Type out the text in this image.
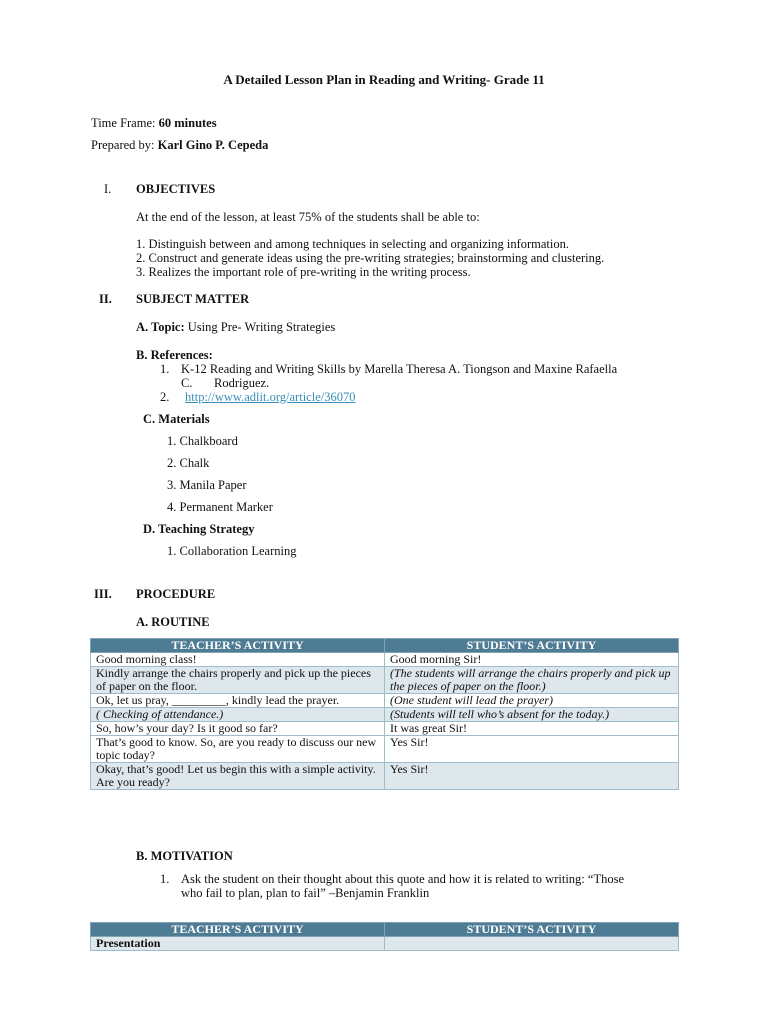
A Detailed Lesson Plan in Reading and Writing- Grade 11
Time Frame: 60 minutes
Prepared by: Karl Gino P. Cepeda
I. OBJECTIVES
At the end of the lesson, at least 75% of the students shall be able to:
1. Distinguish between and among techniques in selecting and organizing information.
2. Construct and generate ideas using the pre-writing strategies; brainstorming and clustering.
3. Realizes the important role of pre-writing in the writing process.
II. SUBJECT MATTER
A. Topic: Using Pre- Writing Strategies
B. References:
1. K-12 Reading and Writing Skills by Marella Theresa A. Tiongson and Maxine Rafaella
C. Rodriguez.
2. http://www.adlit.org/article/36070
C. Materials
1. Chalkboard
2. Chalk
3. Manila Paper
4. Permanent Marker
D. Teaching Strategy
1. Collaboration Learning
III. PROCEDURE
A. ROUTINE
TEACHER’S ACTIVITY	STUDENT’S ACTIVITY
Good morning class!	Good morning Sir!
Kindly arrange the chairs properly and pick up the pieces of paper on the floor.	(The students will arrange the chairs properly and pick up the pieces of paper on the floor.)
Ok, let us pray, _________, kindly lead the prayer.	(One student will lead the prayer)
( Checking of attendance.)	(Students will tell who’s absent for the today.)
So, how’s your day? Is it good so far?	It was great Sir!
That’s good to know. So, are you ready to discuss our new topic today?	Yes Sir!
Okay, that’s good! Let us begin this with a simple activity. Are you ready?	Yes Sir!
B. MOTIVATION
1. Ask the student on their thought about this quote and how it is related to writing: “Those
who fail to plan, plan to fail” –Benjamin Franklin
TEACHER’S ACTIVITY	STUDENT’S ACTIVITY
Presentation	
